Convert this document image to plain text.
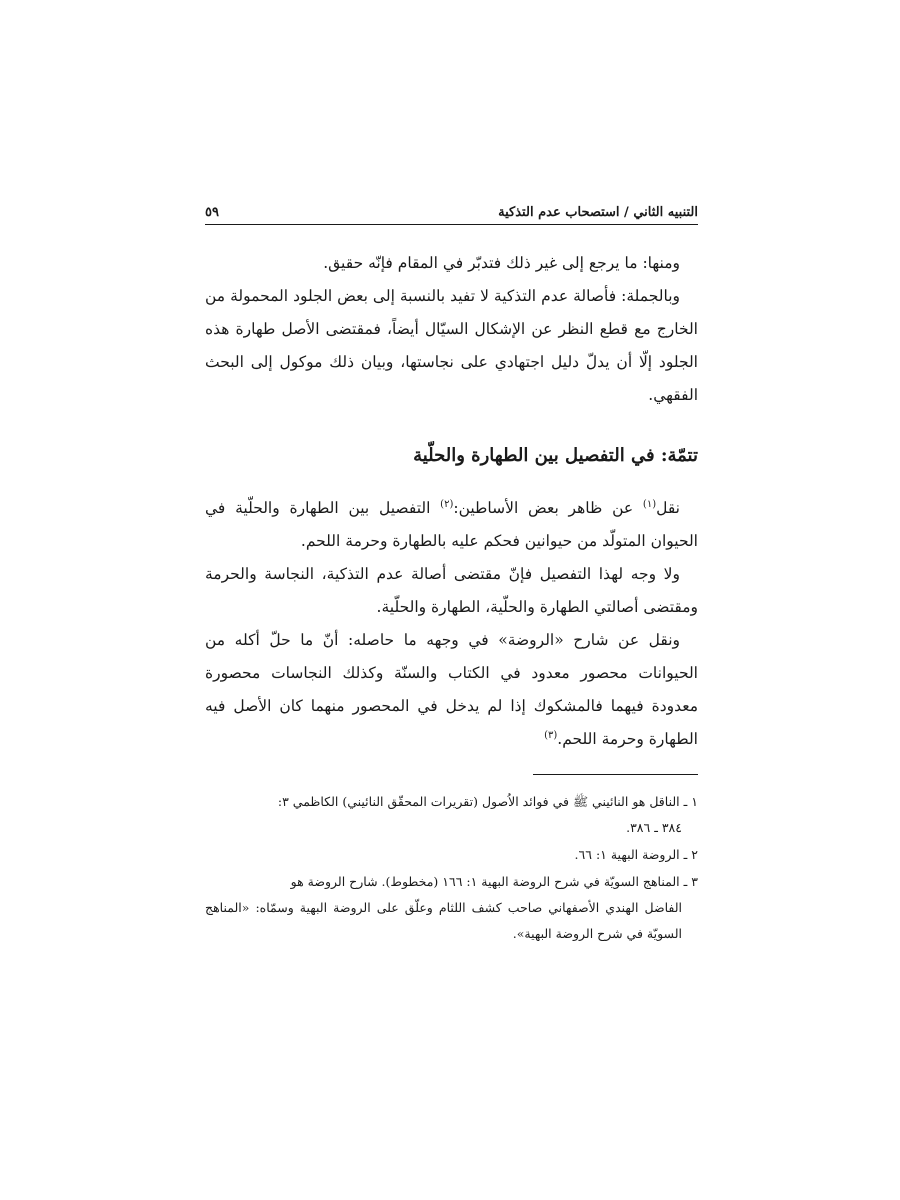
التنبيه الثاني / استصحاب عدم التذكية
٥٩

ومنها: ما يرجع إلى غير ذلك فتدبّر في المقام فإنّه حقيق.

وبالجملة: فأصالة عدم التذكية لا تفيد بالنسبة إلى بعض الجلود المحمولة من الخارج مع قطع النظر عن الإشكال السيّال أيضاً، فمقتضى الأصل طهارة هذه الجلود إلّا أن يدلّ دليل اجتهادي على نجاستها، وبيان ذلك موكول إلى البحث الفقهي.

تتمّة: في التفصيل بين الطهارة والحلّية

نقل$^{(١)}$ عن ظاهر بعض الأساطين:$^{(٢)}$ التفصيل بين الطهارة والحلّية في الحيوان المتولّد من حيوانين فحكم عليه بالطهارة وحرمة اللحم.

ولا وجه لهذا التفصيل فإنّ مقتضى أصالة عدم التذكية، النجاسة والحرمة ومقتضى أصالتي الطهارة والحلّية، الطهارة والحلّية.

ونقل عن شارح «الروضة» في وجهه ما حاصله: أنّ ما حلّ أكله من الحيوانات محصور معدود في الكتاب والسنّة وكذلك النجاسات محصورة معدودة فيهما فالمشكوك إذا لم يدخل في المحصور منهما كان الأصل فيه الطهارة وحرمة اللحم.$^{(٣)}$

١ ـ الناقل هو النائيني ﷺ في فوائد الاُصول (تقريرات المحقّق النائيني) الكاظمي ٣:
٣٨٤ ـ ٣٨٦.
٢ ـ الروضة البهية ١: ٦٦.
٣ ـ المناهج السويّة في شرح الروضة البهية ١: ١٦٦ (مخطوط). شارح الروضة هو
الفاضل الهندي الأصفهاني صاحب كشف اللثام وعلّق على الروضة البهية وسمّاه: «المناهج السويّة في شرح الروضة البهية».
